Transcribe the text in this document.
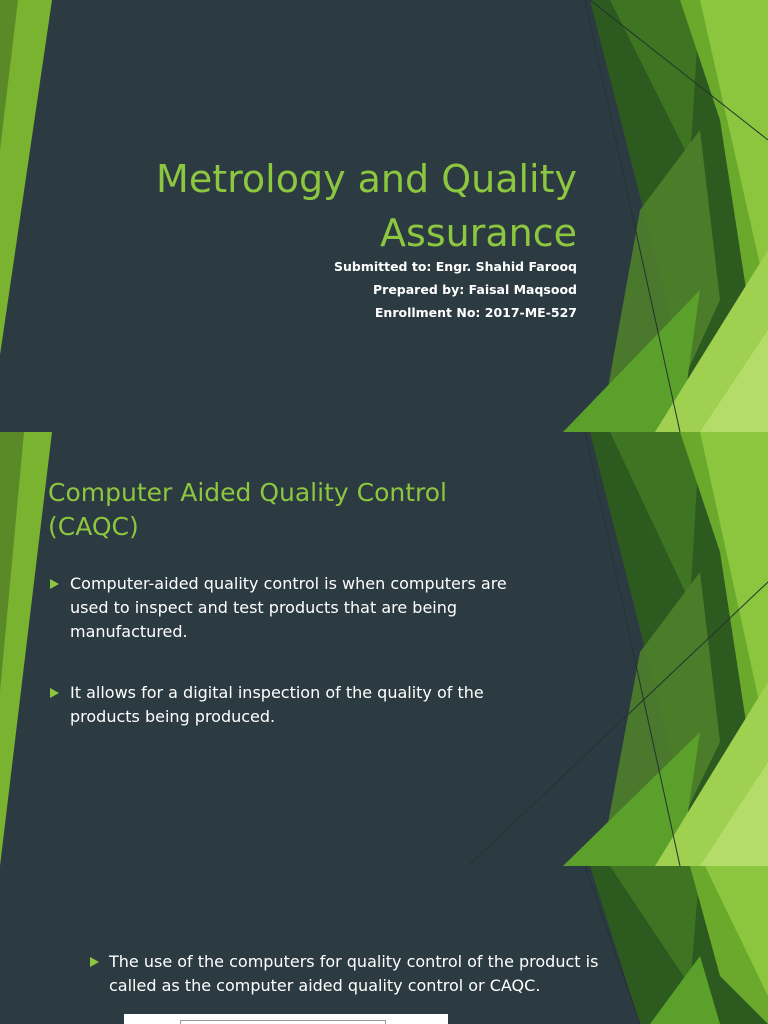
Metrology and Quality
Assurance

Submitted to: Engr. Shahid Farooq

Prepared by: Faisal Maqsood

Enrollment No: 2017-ME-527

Computer Aided Quality Control
(CAQC)
Computer-aided quality control is when computers are used to inspect and test products that are being manufactured.
It allows for a digital inspection of the quality of the products being produced.
The use of the computers for quality control of the product is called as the computer aided quality control or CAQC.
